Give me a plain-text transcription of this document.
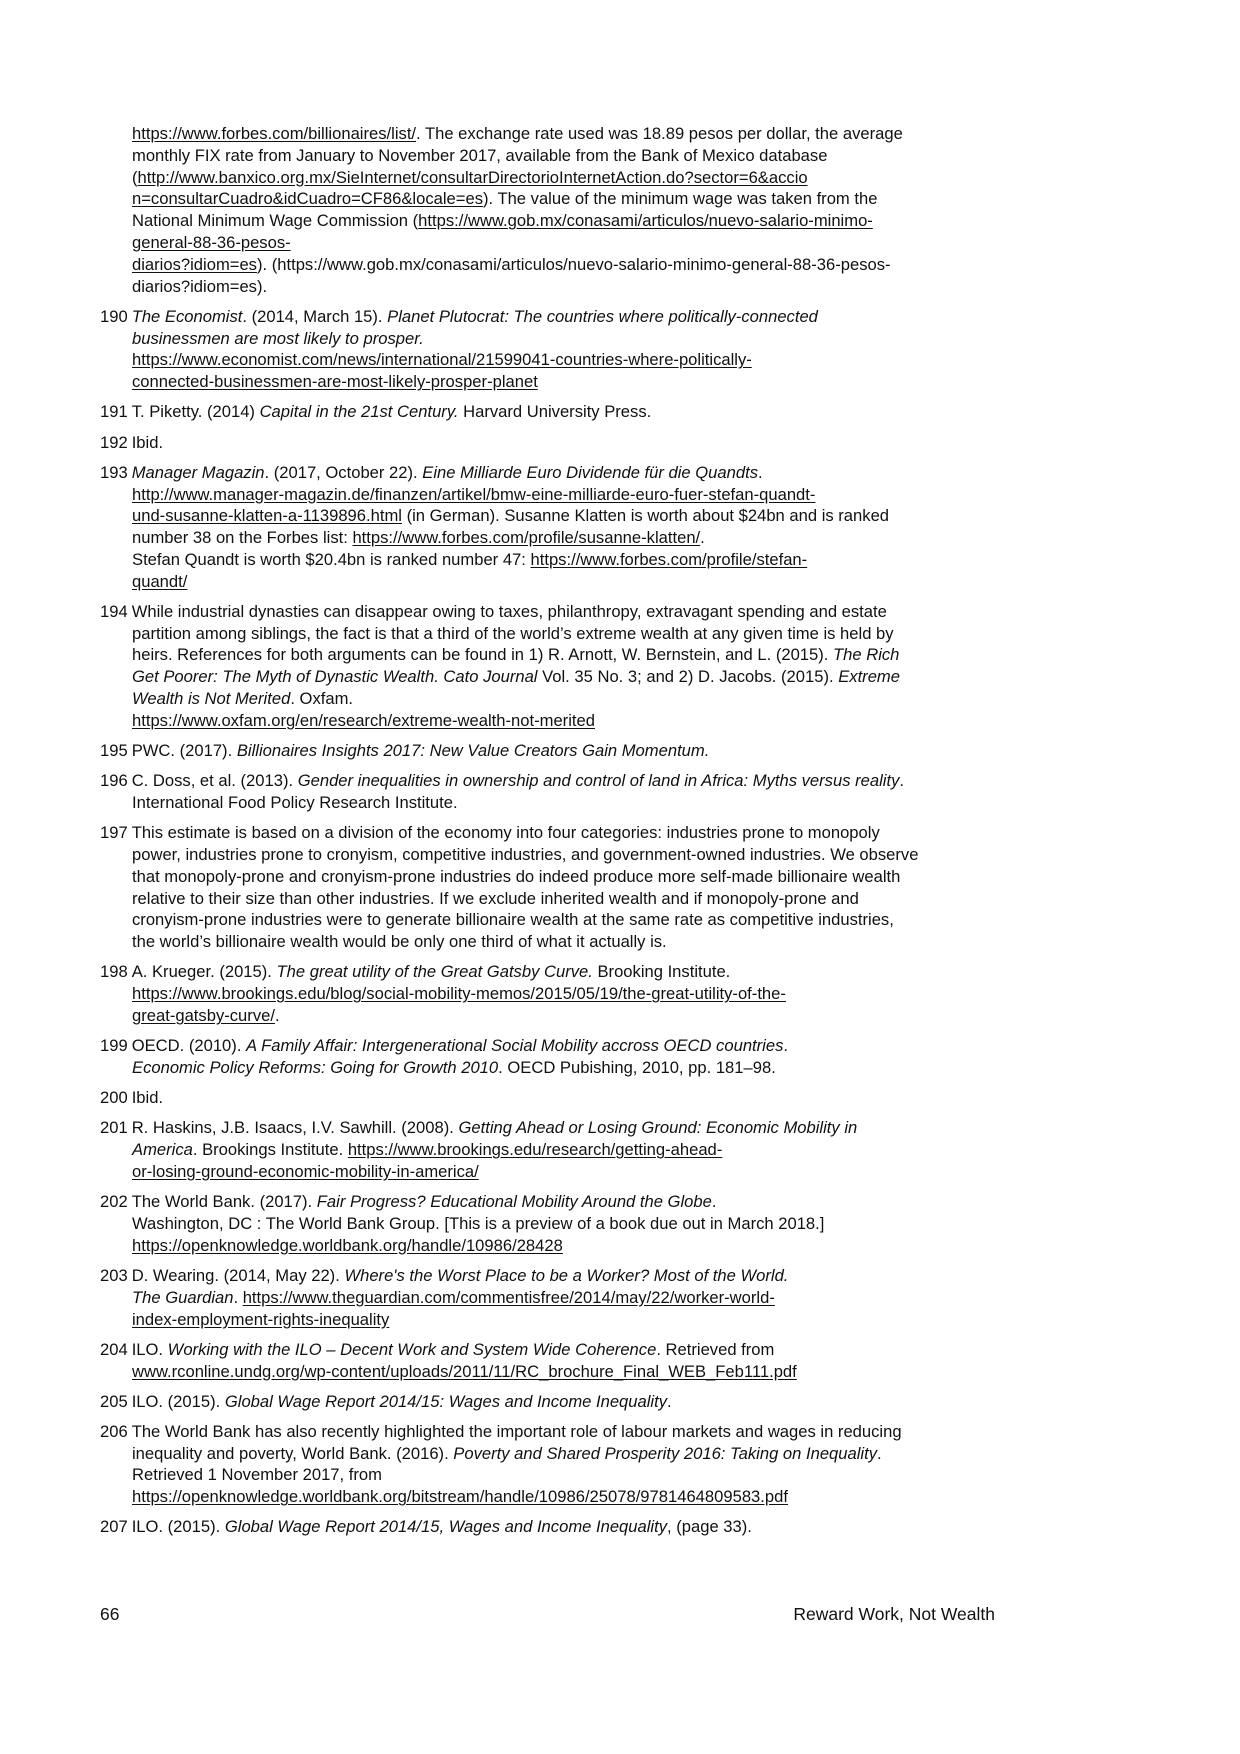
https://www.forbes.com/billionaires/list/. The exchange rate used was 18.89 pesos per dollar, the average monthly FIX rate from January to November 2017, available from the Bank of Mexico database (http://www.banxico.org.mx/SieInternet/consultarDirectorioInternetAction.do?sector=6&accio
n=consultarCuadro&idCuadro=CF86&locale=es). The value of the minimum wage was taken from the National Minimum Wage Commission (https://www.gob.mx/conasami/articulos/nuevo-salario-minimo-general-88-36-pesos-
diarios?idiom=es). (https://www.gob.mx/conasami/articulos/nuevo-salario-minimo-general-88-36-pesos-diarios?idiom=es).
190 The Economist. (2014, March 15). Planet Plutocrat: The countries where politically-connected businessmen are most likely to prosper.
https://www.economist.com/news/international/21599041-countries-where-politically-
connected-businessmen-are-most-likely-prosper-planet
191 T. Piketty. (2014) Capital in the 21st Century. Harvard University Press.
192 Ibid.
193 Manager Magazin. (2017, October 22). Eine Milliarde Euro Dividende für die Quandts.
http://www.manager-magazin.de/finanzen/artikel/bmw-eine-milliarde-euro-fuer-stefan-quandt-
und-susanne-klatten-a-1139896.html (in German). Susanne Klatten is worth about $24bn and is ranked number 38 on the Forbes list: https://www.forbes.com/profile/susanne-klatten/.
Stefan Quandt is worth $20.4bn is ranked number 47: https://www.forbes.com/profile/stefan-
quandt/
194 While industrial dynasties can disappear owing to taxes, philanthropy, extravagant spending and estate partition among siblings, the fact is that a third of the world’s extreme wealth at any given time is held by heirs. References for both arguments can be found in 1) R. Arnott, W. Bernstein, and L. (2015). The Rich Get Poorer: The Myth of Dynastic Wealth. Cato Journal Vol. 35 No. 3; and 2) D. Jacobs. (2015). Extreme Wealth is Not Merited. Oxfam.
https://www.oxfam.org/en/research/extreme-wealth-not-merited
195 PWC. (2017). Billionaires Insights 2017: New Value Creators Gain Momentum.
196 C. Doss, et al. (2013). Gender inequalities in ownership and control of land in Africa: Myths versus reality. International Food Policy Research Institute.
197 This estimate is based on a division of the economy into four categories: industries prone to monopoly power, industries prone to cronyism, competitive industries, and government-owned industries. We observe that monopoly-prone and cronyism-prone industries do indeed produce more self-made billionaire wealth relative to their size than other industries. If we exclude inherited wealth and if monopoly-prone and cronyism-prone industries were to generate billionaire wealth at the same rate as competitive industries, the world’s billionaire wealth would be only one third of what it actually is.
198 A. Krueger. (2015). The great utility of the Great Gatsby Curve. Brooking Institute.
https://www.brookings.edu/blog/social-mobility-memos/2015/05/19/the-great-utility-of-the-
great-gatsby-curve/.
199 OECD. (2010). A Family Affair: Intergenerational Social Mobility accross OECD countries.
Economic Policy Reforms: Going for Growth 2010. OECD Pubishing, 2010, pp. 181–98.
200 Ibid.
201 R. Haskins, J.B. Isaacs, I.V. Sawhill. (2008). Getting Ahead or Losing Ground: Economic Mobility in America. Brookings Institute. https://www.brookings.edu/research/getting-ahead-
or-losing-ground-economic-mobility-in-america/
202 The World Bank. (2017). Fair Progress? Educational Mobility Around the Globe.
Washington, DC : The World Bank Group. [This is a preview of a book due out in March 2018.] https://openknowledge.worldbank.org/handle/10986/28428
203 D. Wearing. (2014, May 22). Where's the Worst Place to be a Worker? Most of the World.
The Guardian. https://www.theguardian.com/commentisfree/2014/may/22/worker-world-
index-employment-rights-inequality
204 ILO. Working with the ILO – Decent Work and System Wide Coherence. Retrieved from
www.rconline.undg.org/wp-content/uploads/2011/11/RC_brochure_Final_WEB_Feb111.pdf
205 ILO. (2015). Global Wage Report 2014/15: Wages and Income Inequality.
206 The World Bank has also recently highlighted the important role of labour markets and wages in reducing inequality and poverty, World Bank. (2016). Poverty and Shared Prosperity 2016: Taking on Inequality. Retrieved 1 November 2017, from
https://openknowledge.worldbank.org/bitstream/handle/10986/25078/9781464809583.pdf
207 ILO. (2015). Global Wage Report 2014/15, Wages and Income Inequality, (page 33).
66	Reward Work, Not Wealth
